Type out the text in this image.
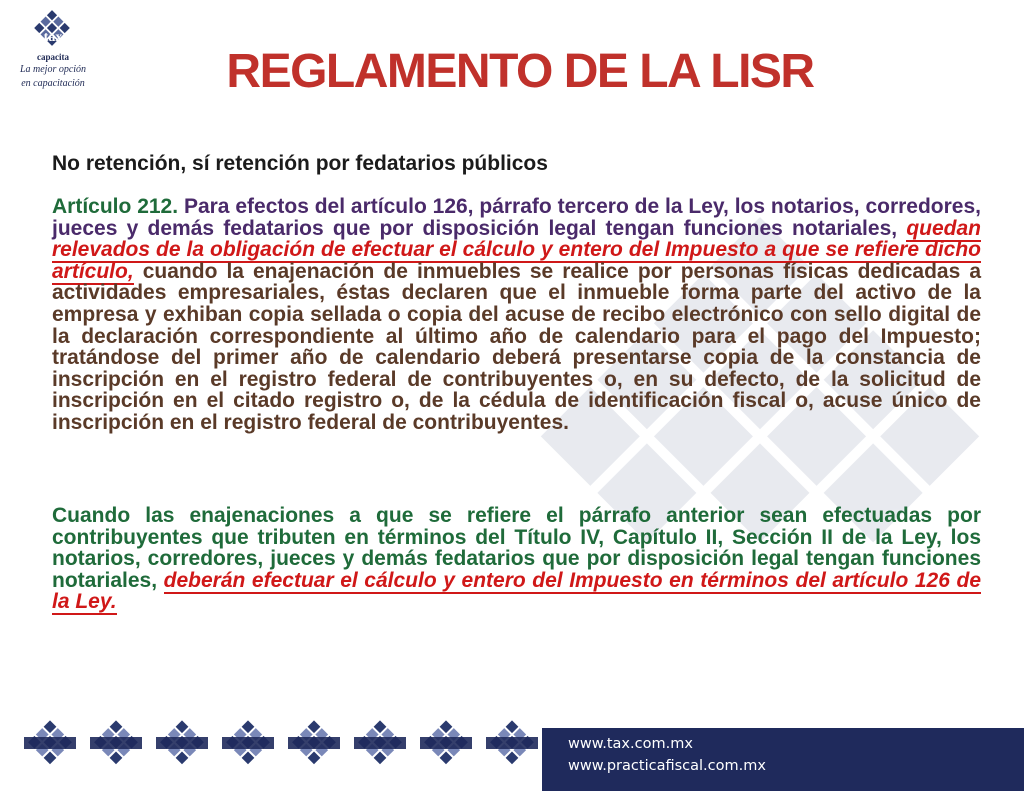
tax
capacita
La mejor opción
en capacitación	REGLAMENTO DE LA LISR
No retención, sí retención por fedatarios públicos
Artículo 212. Para efectos del artículo 126, párrafo tercero de la Ley, los notarios, corredores, jueces y demás fedatarios que por disposición legal tengan funciones notariales, quedan relevados de la obligación de efectuar el cálculo y entero del Impuesto a que se refiere dicho artículo, cuando la enajenación de inmuebles se realice por personas físicas dedicadas a actividades empresariales, éstas declaren que el inmueble forma parte del activo de la empresa y exhiban copia sellada o copia del acuse de recibo electrónico con sello digital de la declaración correspondiente al último año de calendario para el pago del Impuesto; tratándose del primer año de calendario deberá presentarse copia de la constancia de inscripción en el registro federal de contribuyentes o, en su defecto, de la solicitud de inscripción en el citado registro o, de la cédula de identificación fiscal o, acuse único de inscripción en el registro federal de contribuyentes.
Cuando las enajenaciones a que se refiere el párrafo anterior sean efectuadas por contribuyentes que tributen en términos del Título IV, Capítulo II, Sección II de la Ley, los notarios, corredores, jueces y demás fedatarios que por disposición legal tengan funciones notariales, deberán efectuar el cálculo y entero del Impuesto en términos del artículo 126 de la Ley.
www.tax.com.mx
www.practicafiscal.com.mx
